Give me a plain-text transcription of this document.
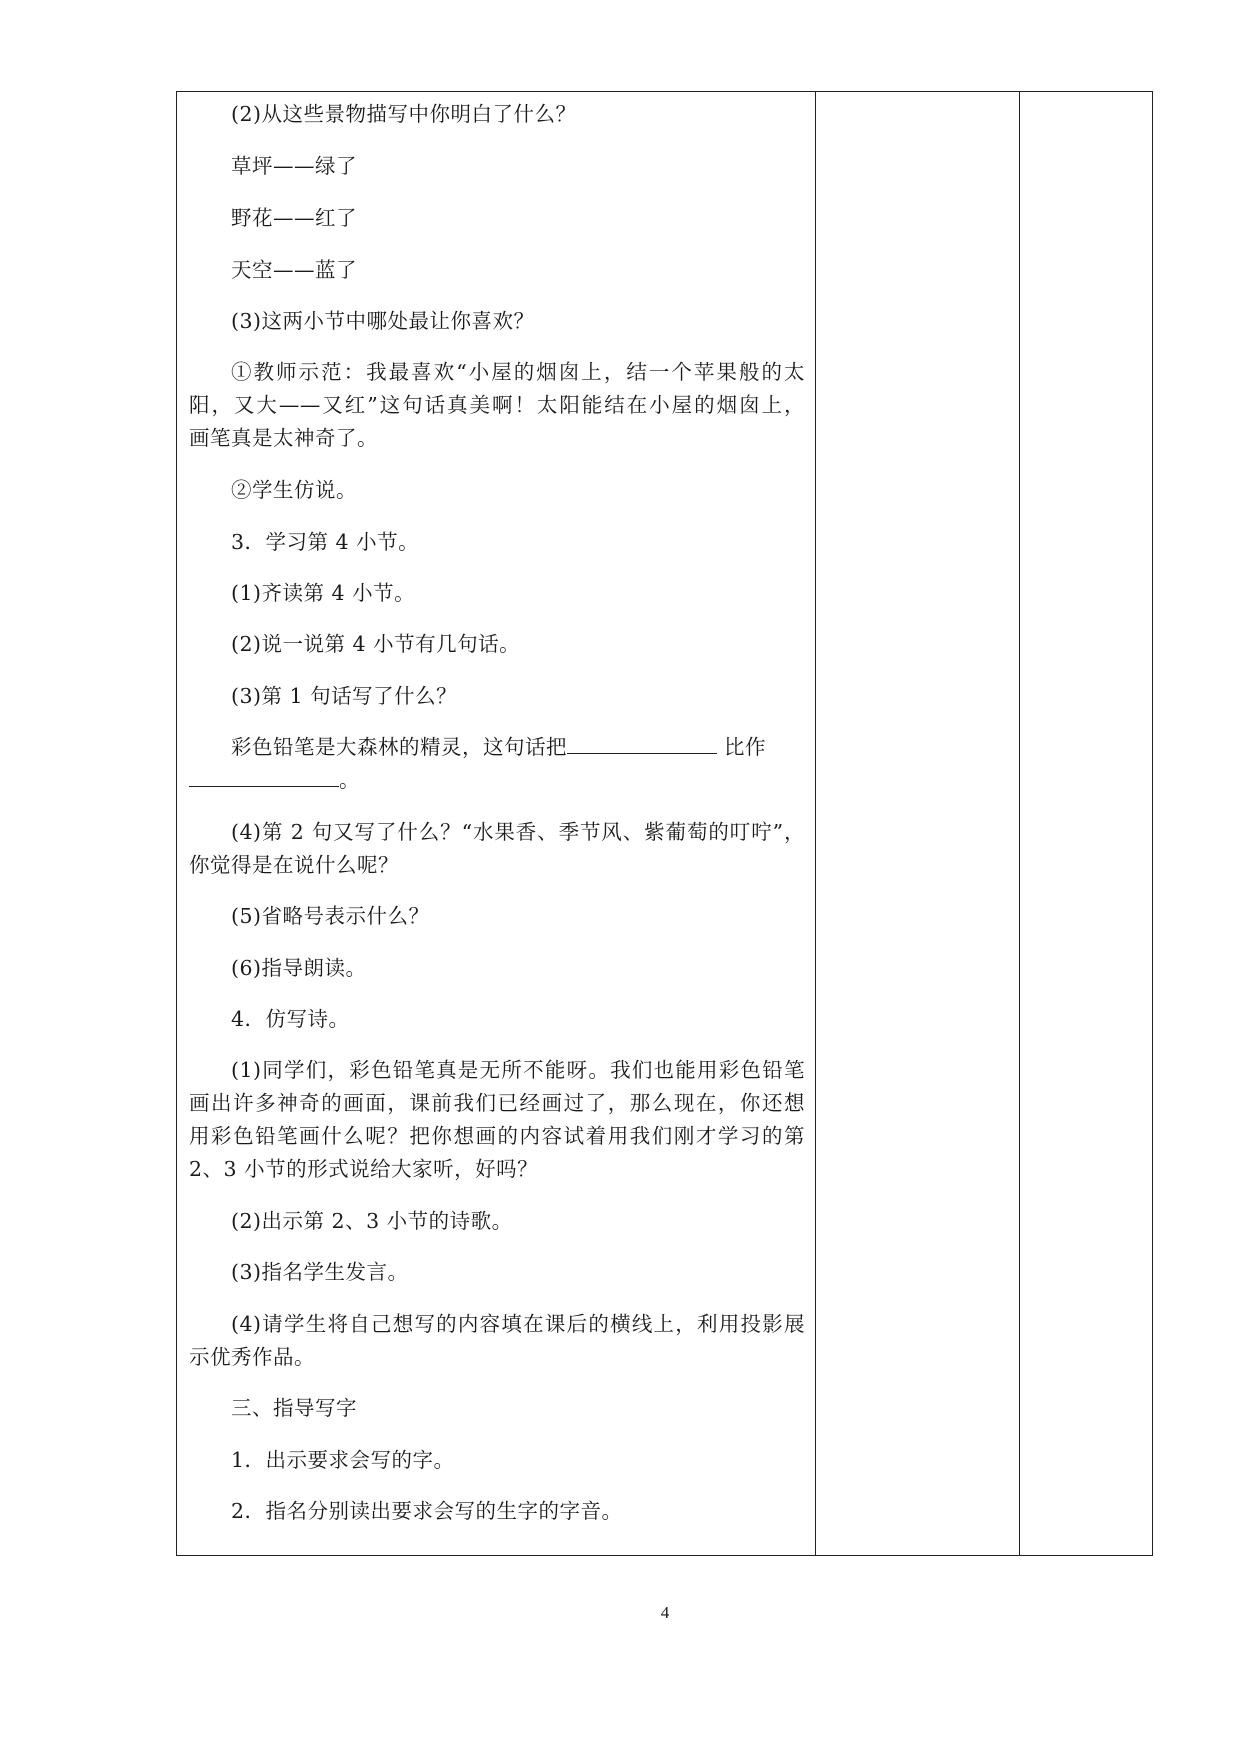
(2)从这些景物描写中你明白了什么？
草坪——绿了
野花——红了
天空——蓝了
(3)这两小节中哪处最让你喜欢？
①教师示范：我最喜欢“小屋的烟囱上，结一个苹果般的太
阳，又大——又红”这句话真美啊！太阳能结在小屋的烟囱上，
画笔真是太神奇了。
②学生仿说。
3．学习第 4 小节。
(1)齐读第 4 小节。
(2)说一说第 4 小节有几句话。
(3)第 1 句话写了什么？
彩色铅笔是大森林的精灵，这句话把	比作
。
(4)第 2 句又写了什么？“水果香、季节风、紫葡萄的叮咛”，
你觉得是在说什么呢？
(5)省略号表示什么？
(6)指导朗读。
4．仿写诗。
(1)同学们，彩色铅笔真是无所不能呀。我们也能用彩色铅笔
画出许多神奇的画面，课前我们已经画过了，那么现在，你还想
用彩色铅笔画什么呢？把你想画的内容试着用我们刚才学习的第
2、3 小节的形式说给大家听，好吗？
(2)出示第 2、3 小节的诗歌。
(3)指名学生发言。
(4)请学生将自己想写的内容填在课后的横线上，利用投影展
示优秀作品。
三、指导写字
1．出示要求会写的字。
2．指名分别读出要求会写的生字的字音。
4
